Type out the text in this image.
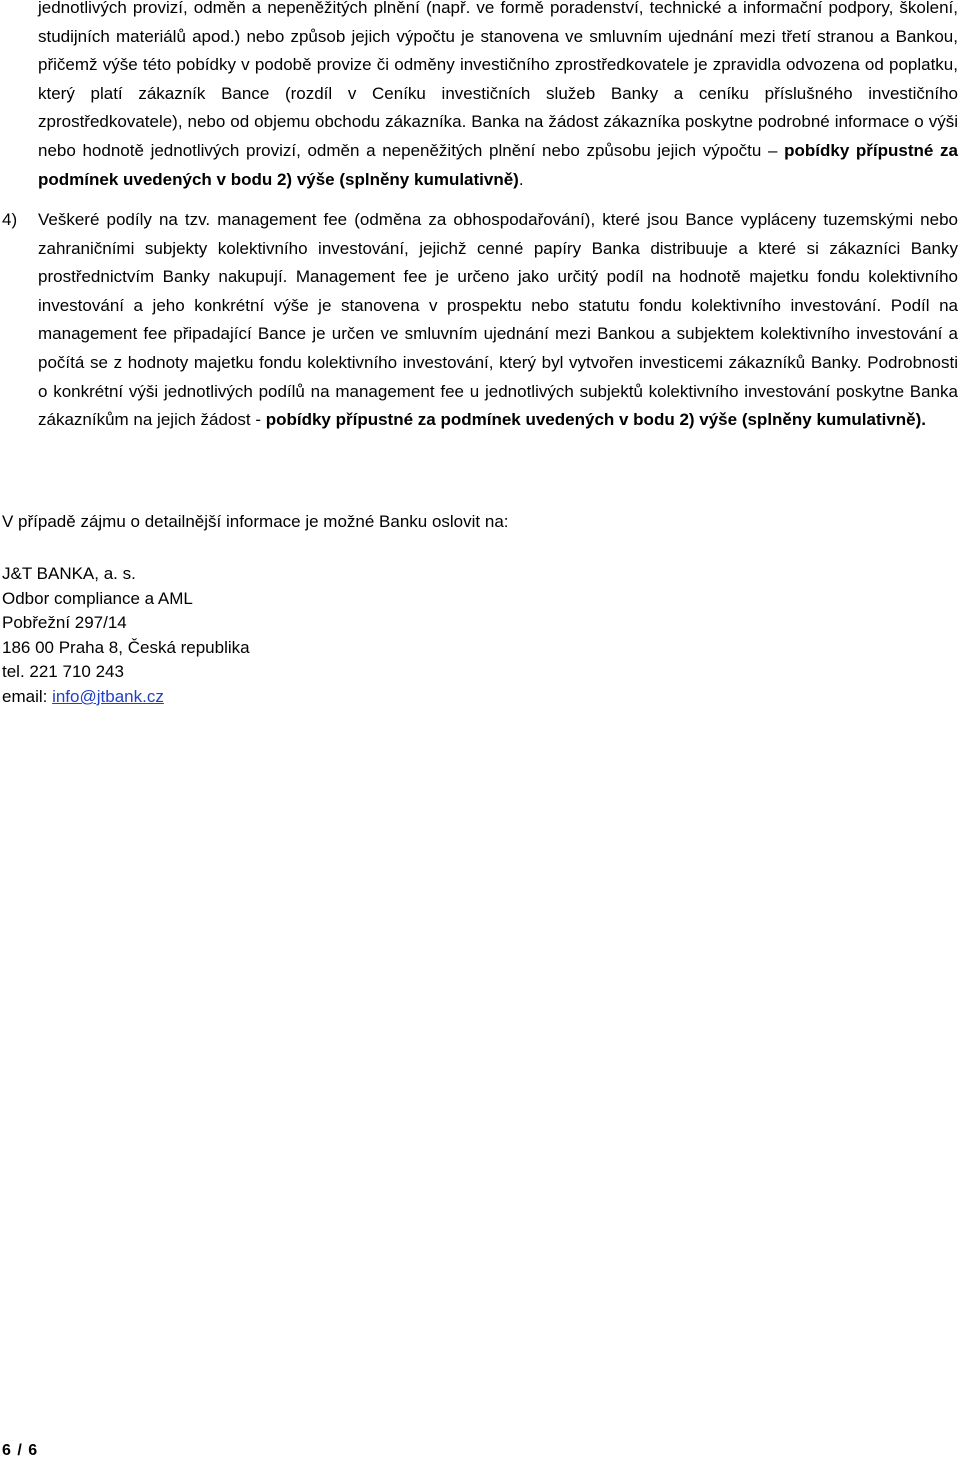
jednotlivých provizí, odměn a nepeněžitých plnění (např. ve formě poradenství, technické a informační podpory, školení, studijních materiálů apod.) nebo způsob jejich výpočtu je stanovena ve smluvním ujednání mezi třetí stranou a Bankou, přičemž výše této pobídky v podobě provize či odměny investičního zprostředkovatele je zpravidla odvozena od poplatku, který platí zákazník Bance (rozdíl v Ceníku investičních služeb Banky a ceníku příslušného investičního zprostředkovatele), nebo od objemu obchodu zákazníka. Banka na žádost zákazníka poskytne podrobné informace o výši nebo hodnotě jednotlivých provizí, odměn a nepeněžitých plnění nebo způsobu jejich výpočtu – pobídky přípustné za podmínek uvedených v bodu 2) výše (splněny kumulativně).

4) Veškeré podíly na tzv. management fee (odměna za obhospodařování), které jsou Bance vypláceny tuzemskými nebo zahraničními subjekty kolektivního investování, jejichž cenné papíry Banka distribuuje a které si zákazníci Banky prostřednictvím Banky nakupují. Management fee je určeno jako určitý podíl na hodnotě majetku fondu kolektivního investování a jeho konkrétní výše je stanovena v prospektu nebo statutu fondu kolektivního investování. Podíl na management fee připadající Bance je určen ve smluvním ujednání mezi Bankou a subjektem kolektivního investování a počítá se z hodnoty majetku fondu kolektivního investování, který byl vytvořen investicemi zákazníků Banky. Podrobnosti o konkrétní výši jednotlivých podílů na management fee u jednotlivých subjektů kolektivního investování poskytne Banka zákazníkům na jejich žádost - pobídky přípustné za podmínek uvedených v bodu 2) výše (splněny kumulativně).

V případě zájmu o detailnější informace je možné Banku oslovit na:
J&T BANKA, a. s.
Odbor compliance a AML
Pobřežní 297/14
186 00 Praha 8, Česká republika
tel. 221 710 243
email: info@jtbank.cz
6 / 6
